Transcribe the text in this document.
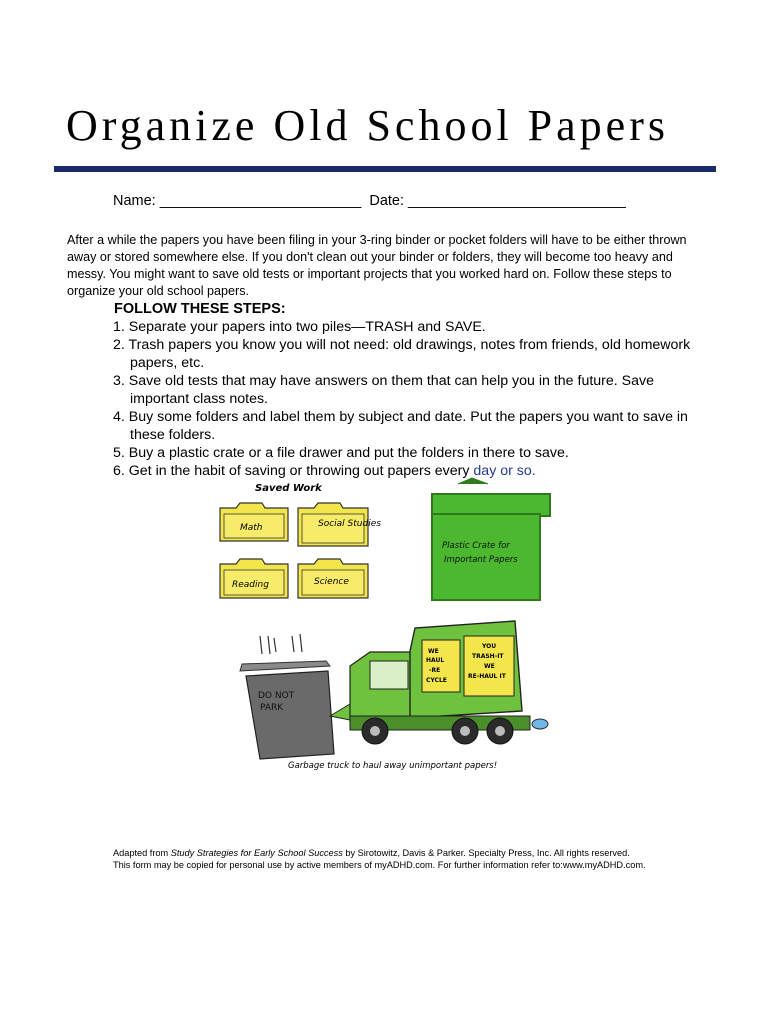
Organize Old School Papers
Name: _________________________ Date: ___________________________

After a while the papers you have been filing in your 3-ring binder or pocket folders will have to be either thrown away or stored somewhere else. If you don't clean out your binder or folders, they will become too heavy and messy. You might want to save old tests or important projects that you worked hard on. Follow these steps to organize your old school papers.

FOLLOW THESE STEPS:
1. Separate your papers into two piles—TRASH and SAVE.
2. Trash papers you know you will not need: old drawings, notes from friends, old homework papers, etc.
3. Save old tests that may have answers on them that can help you in the future. Save important class notes.
4. Buy some folders and label them by subject and date. Put the papers you want to save in these folders.
5. Buy a plastic crate or a file drawer and put the folders in there to save.
6. Get in the habit of saving or throwing out papers every day or so.
Saved Work
Math	Social Studies
Reading	Science
Plastic Crate for
Important Papers
DO NOT
PARK
WE
HAUL
-RE
CYCLE
YOU
TRASH-IT
WE
RE-HAUL IT
Garbage truck to haul away unimportant papers!
Adapted from Study Strategies for Early School Success by Sirotowitz, Davis & Parker. Specialty Press, Inc. All rights reserved.
This form may be copied for personal use by active members of myADHD.com. For further information refer to:www.myADHD.com.
